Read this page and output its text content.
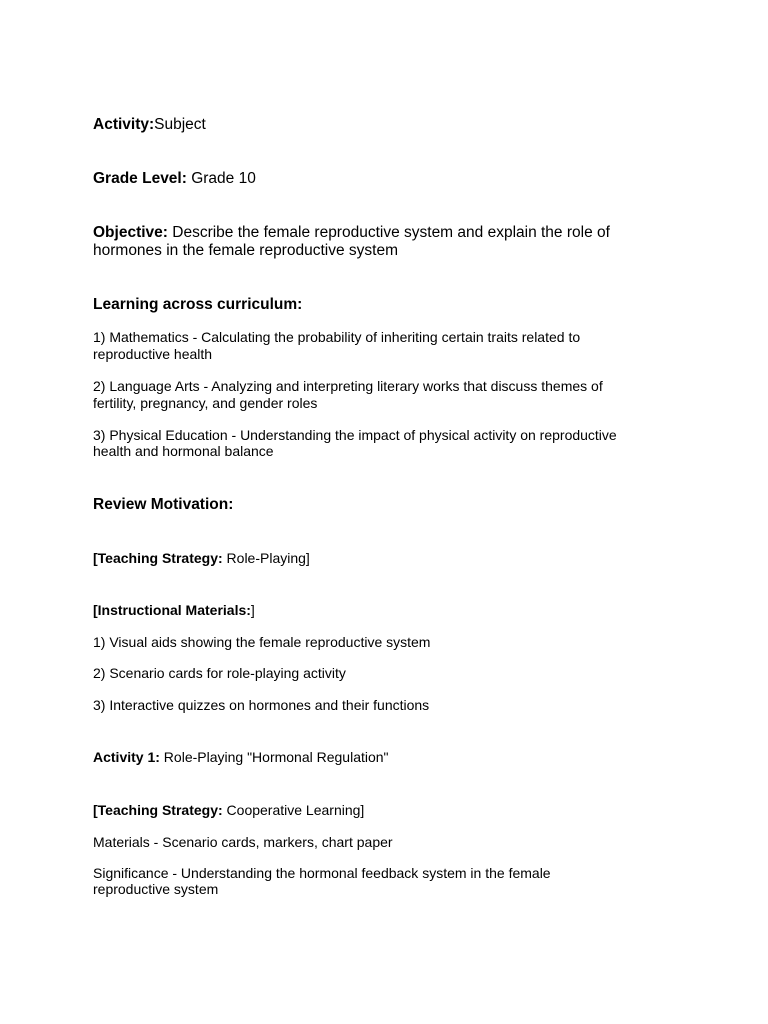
Activity:Subject

Grade Level: Grade 10

Objective: Describe the female reproductive system and explain the role of

hormones in the female reproductive system

Learning across curriculum:

1) Mathematics - Calculating the probability of inheriting certain traits related to

reproductive health

2) Language Arts - Analyzing and interpreting literary works that discuss themes of

fertility, pregnancy, and gender roles

3) Physical Education - Understanding the impact of physical activity on reproductive

health and hormonal balance

Review Motivation:

[Teaching Strategy: Role-Playing]

[Instructional Materials:]

1) Visual aids showing the female reproductive system

2) Scenario cards for role-playing activity

3) Interactive quizzes on hormones and their functions

Activity 1: Role-Playing "Hormonal Regulation"

[Teaching Strategy: Cooperative Learning]

Materials - Scenario cards, markers, chart paper

Significance - Understanding the hormonal feedback system in the female

reproductive system
